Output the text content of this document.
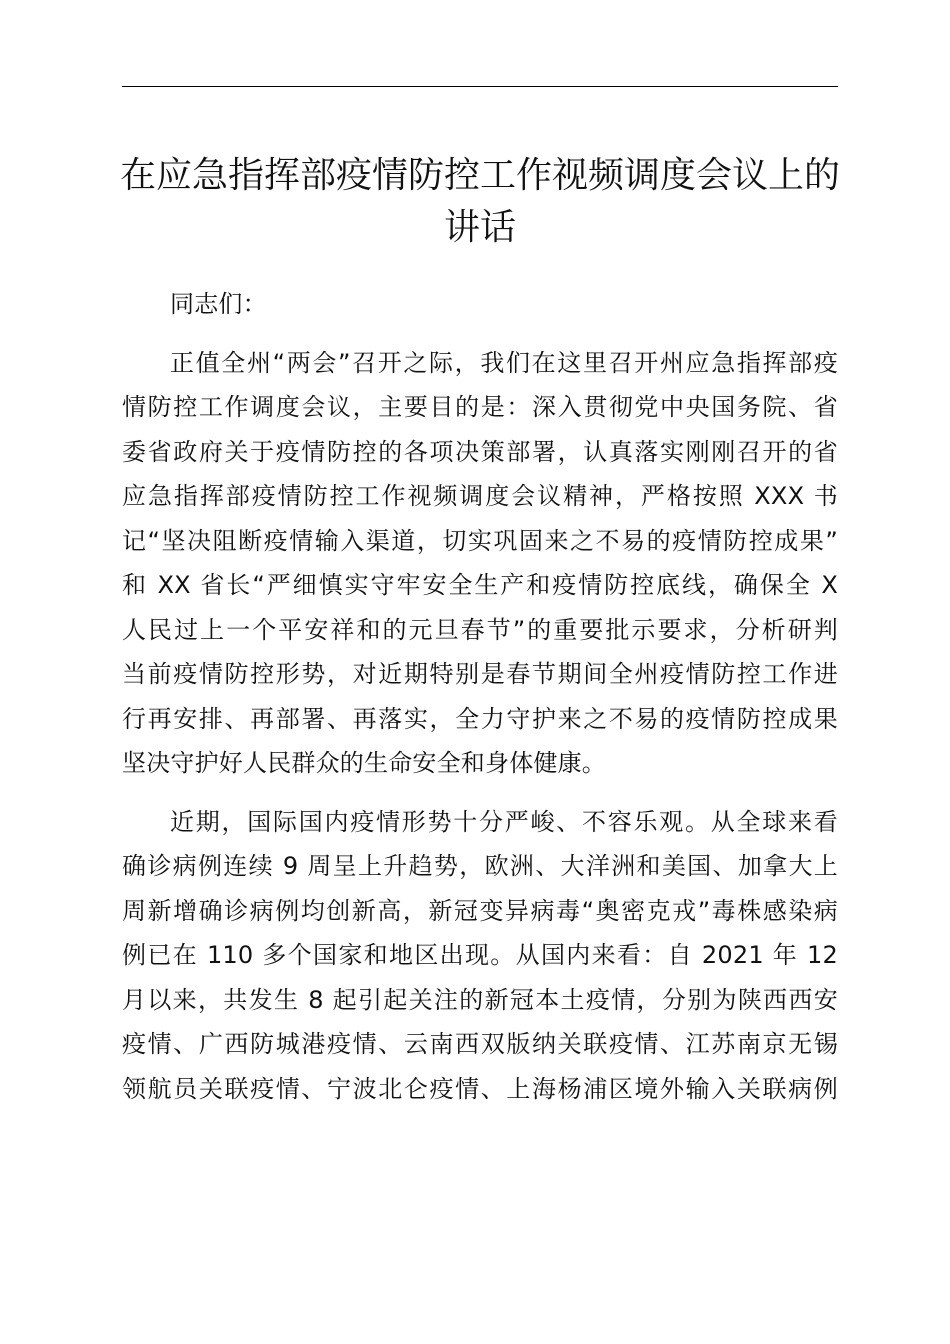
在应急指挥部疫情防控工作视频调度会议上的
讲话

同志们：

正值全州“两会”召开之际，我们在这里召开州应急指挥部疫
情防控工作调度会议，主要目的是：深入贯彻党中央国务院、省
委省政府关于疫情防控的各项决策部署，认真落实刚刚召开的省
应急指挥部疫情防控工作视频调度会议精神，严格按照 XXX 书
记“坚决阻断疫情输入渠道，切实巩固来之不易的疫情防控成果”
和 XX 省长“严细慎实守牢安全生产和疫情防控底线，确保全 X
人民过上一个平安祥和的元旦春节”的重要批示要求，分析研判
当前疫情防控形势，对近期特别是春节期间全州疫情防控工作进
行再安排、再部署、再落实，全力守护来之不易的疫情防控成果
坚决守护好人民群众的生命安全和身体健康。

近期，国际国内疫情形势十分严峻、不容乐观。从全球来看
确诊病例连续 9 周呈上升趋势，欧洲、大洋洲和美国、加拿大上
周新增确诊病例均创新高，新冠变异病毒“奥密克戎”毒株感染病
例已在 110 多个国家和地区出现。从国内来看：自 2021 年 12
月以来，共发生 8 起引起关注的新冠本土疫情，分别为陕西西安
疫情、广西防城港疫情、云南西双版纳关联疫情、江苏南京无锡
领航员关联疫情、宁波北仑疫情、上海杨浦区境外输入关联病例
